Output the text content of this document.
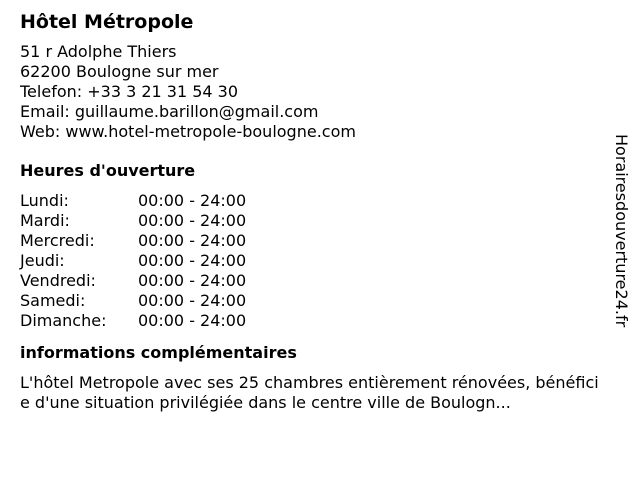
Hôtel Métropole
51 r Adolphe Thiers
62200 Boulogne sur mer
Telefon: +33 3 21 31 54 30
Email: guillaume.barillon@gmail.com
Web: www.hotel-metropole-boulogne.com
Heures d'ouverture
Lundi:	00:00 - 24:00
Mardi:	00:00 - 24:00
Mercredi:	00:00 - 24:00
Jeudi:	00:00 - 24:00
Vendredi:	00:00 - 24:00
Samedi:	00:00 - 24:00
Dimanche:	00:00 - 24:00
informations complémentaires

L'hôtel Metropole avec ses 25 chambres entièrement rénovées, bénéficie d'une situation privilégiée dans le centre ville de Boulogn...

Horairesdouverture24.fr
